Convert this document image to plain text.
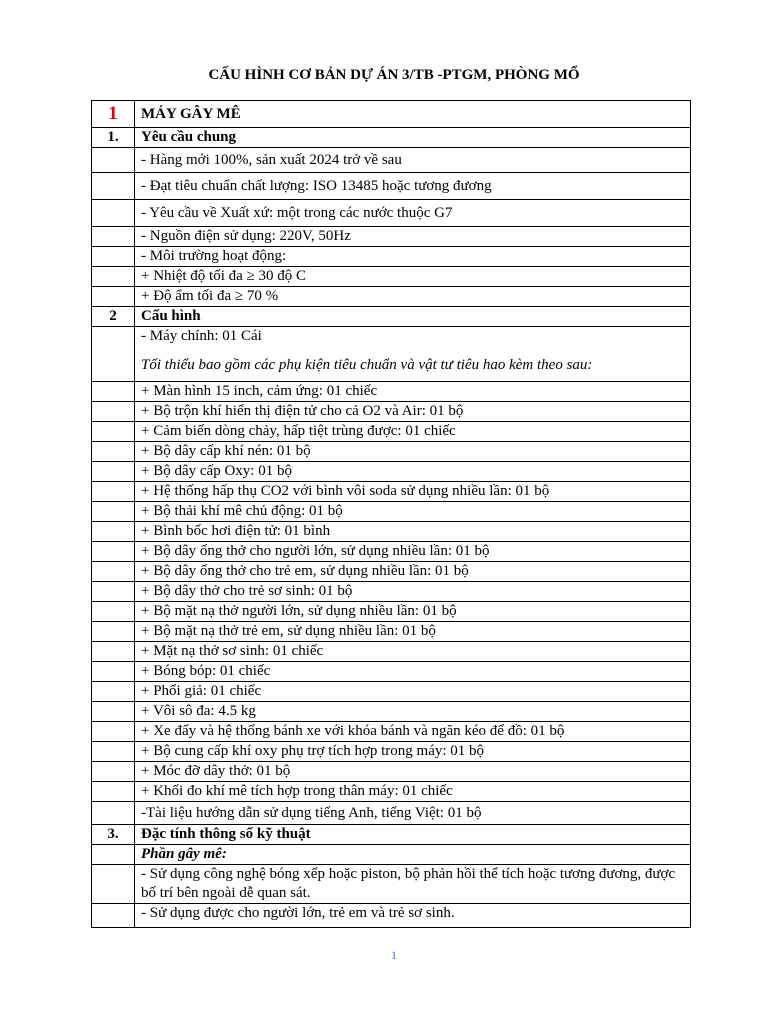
CẤU HÌNH CƠ BẢN DỰ ÁN 3/TB -PTGM, PHÒNG MỔ
1	MÁY GÂY MÊ
1.	Yêu cầu chung
	- Hàng mới 100%, sản xuất 2024 trở về sau
	- Đạt tiêu chuẩn chất lượng: ISO 13485 hoặc tương đương
	- Yêu cầu về Xuất xứ: một trong các nước thuộc G7
	- Nguồn điện sử dụng: 220V, 50Hz
	- Môi trường hoạt động:
	+ Nhiệt độ tối đa ≥ 30 độ C
	+ Độ ẩm tối đa ≥ 70 %
2	Cấu hình
	- Máy chính: 01 Cái
Tối thiểu bao gồm các phụ kiện tiêu chuẩn và vật tư tiêu hao kèm theo sau:

	+ Màn hình 15 inch, cảm ứng: 01 chiếc
	+ Bộ trộn khí hiển thị điện tử cho cả O2 và Air: 01 bộ
	+ Cảm biến dòng chảy, hấp tiệt trùng được: 01 chiếc
	+ Bộ dây cấp khí nén: 01 bộ
	+ Bộ dây cấp Oxy: 01 bộ
	+ Hệ thống hấp thụ CO2 với bình vôi soda sử dụng nhiều lần: 01 bộ
	+ Bộ thải khí mê chủ động: 01 bộ
	+ Bình bốc hơi điện tử: 01 bình
	+ Bộ dây ống thở cho người lớn, sử dụng nhiều lần: 01 bộ
	+ Bộ dây ống thở cho trẻ em, sử dụng nhiều lần: 01 bộ
	+ Bộ dây thở cho trẻ sơ sinh: 01 bộ
	+ Bộ mặt nạ thở người lớn, sử dụng nhiều lần: 01 bộ
	+ Bộ mặt nạ thở trẻ em, sử dụng nhiều lần: 01 bộ
	+ Mặt nạ thở sơ sinh: 01 chiếc
	+ Bóng bóp: 01 chiếc
	+ Phổi giả: 01 chiếc
	+ Vôi sô đa: 4.5 kg
	+ Xe đẩy và hệ thống bánh xe với khóa bánh và ngăn kéo để đồ: 01 bộ
	+ Bộ cung cấp khí oxy phụ trợ tích hợp trong máy: 01 bộ
	+ Móc đỡ dây thở: 01 bộ
	+ Khối đo khí mê tích hợp trong thân máy: 01 chiếc
	-Tài liệu hướng dẫn sử dụng tiếng Anh, tiếng Việt: 01 bộ
3.	Đặc tính thông số kỹ thuật
	Phần gây mê:
	- Sử dụng công nghệ bóng xếp hoặc piston, bộ phản hồi thể tích hoặc tương đương, được bố trí bên ngoài dễ quan sát.
	- Sử dụng được cho người lớn, trẻ em và trẻ sơ sinh.
1
